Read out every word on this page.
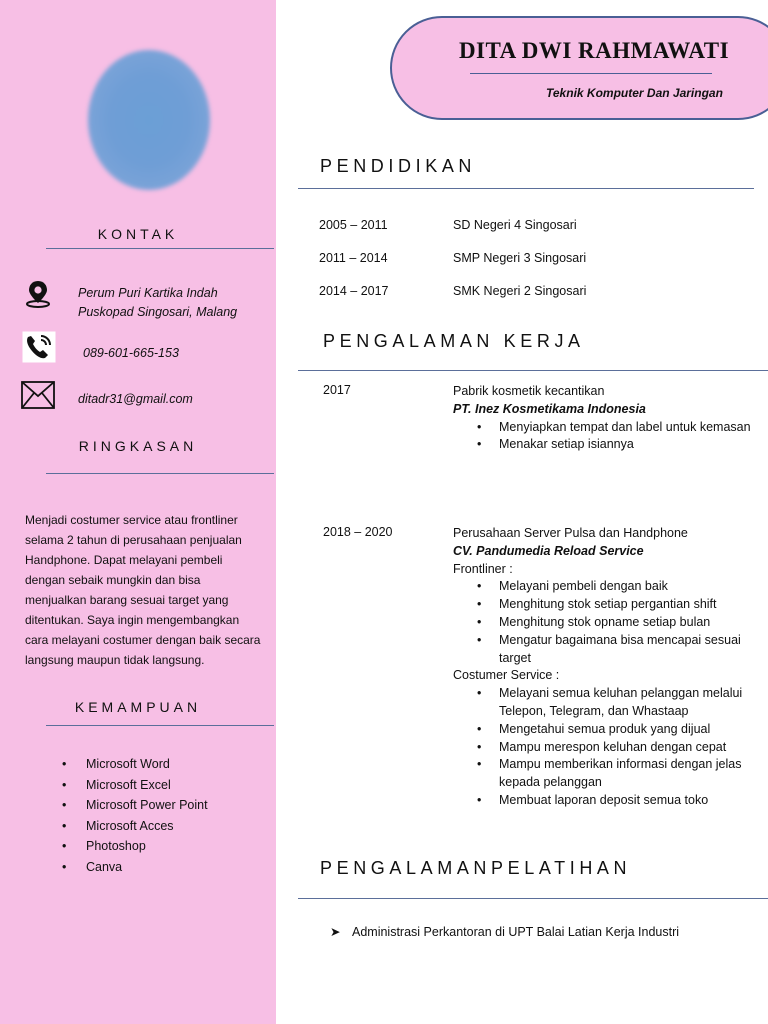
KONTAK
Perum Puri Kartika Indah
Puskopad Singosari, Malang
089-601-665-153
ditadr31@gmail.com
RINGKASAN
Menjadi costumer service atau frontliner selama 2 tahun di perusahaan penjualan Handphone. Dapat melayani pembeli dengan sebaik mungkin dan bisa menjualkan barang sesuai target yang ditentukan. Saya ingin mengembangkan cara melayani costumer dengan baik secara langsung maupun tidak langsung.
KEMAMPUAN
• Microsoft Word
• Microsoft Excel
• Microsoft Power Point
• Microsoft Acces
• Photoshop
• Canva
DITA DWI RAHMAWATI
Teknik Komputer Dan Jaringan
PENDIDIKAN
2005 – 2011	SD Negeri 4 Singosari
2011 – 2014	SMP Negeri 3 Singosari
2014 – 2017	SMK Negeri 2 Singosari
PENGALAMAN KERJA
2017	Pabrik kosmetik kecantikan
PT. Inez Kosmetikama Indonesia
• Menyiapkan tempat dan label untuk kemasan
• Menakar setiap isiannya
2018 – 2020	Perusahaan Server Pulsa dan Handphone
CV. Pandumedia Reload Service
Frontliner :
• Melayani pembeli dengan baik
• Menghitung stok setiap pergantian shift
• Menghitung stok opname setiap bulan
• Mengatur bagaimana bisa mencapai sesuai target
Costumer Service :
• Melayani semua keluhan pelanggan melalui Telepon, Telegram, dan Whastaap
• Mengetahui semua produk yang dijual
• Mampu merespon keluhan dengan cepat
• Mampu memberikan informasi dengan jelas kepada pelanggan
• Membuat laporan deposit semua toko
PENGALAMANPELATIHAN
➤ Administrasi Perkantoran di UPT Balai Latian Kerja Industri
